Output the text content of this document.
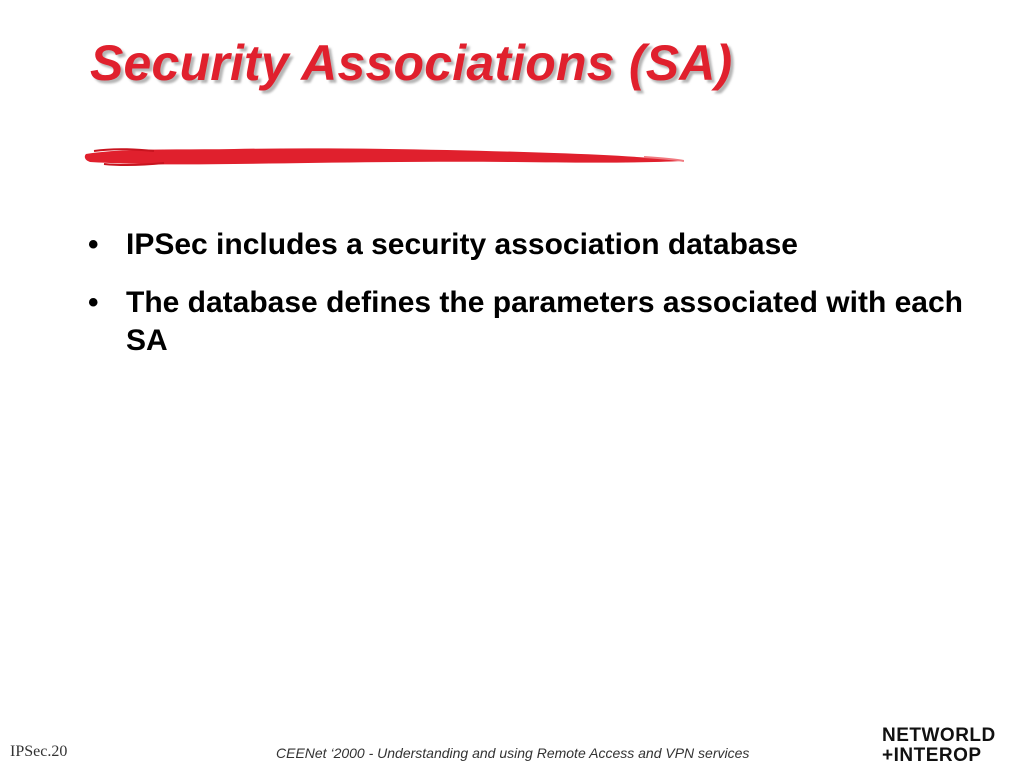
Security Associations (SA)
• IPSec includes a security association database
• The database defines the parameters associated with each SA
IPSec.20	CEENet ‘2000 - Understanding and using Remote Access and VPN services
NETWORLD
+INTEROP
